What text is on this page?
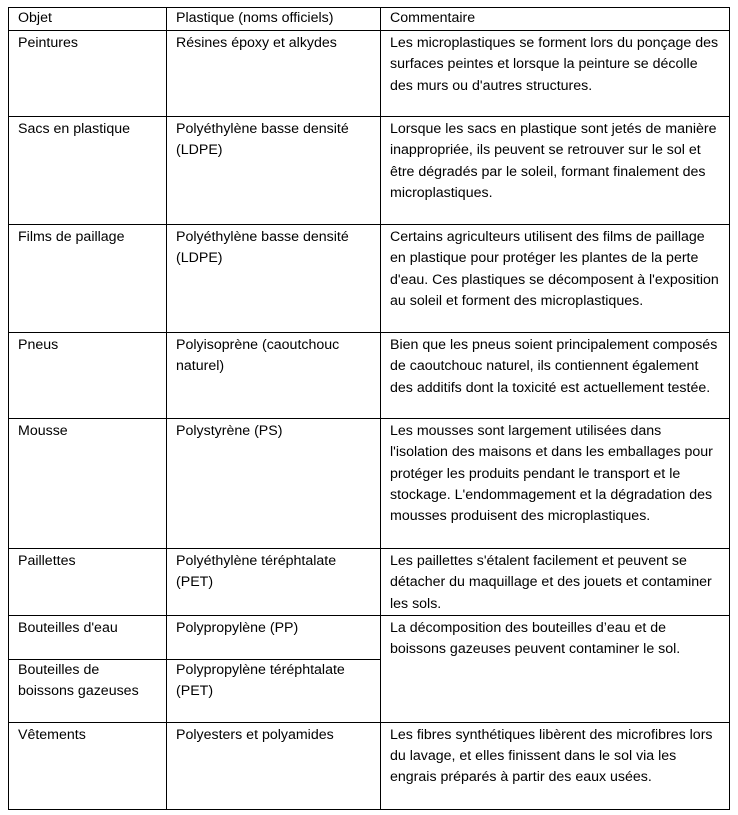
Objet	Plastique (noms officiels)	Commentaire

Peintures	Résines époxy et alkydes	Les microplastiques se forment lors du ponçage des surfaces peintes et lorsque la peinture se décolle des murs ou d'autres structures.

Sacs en plastique	Polyéthylène basse densité (LDPE)	Lorsque les sacs en plastique sont jetés de manière inappropriée, ils peuvent se retrouver sur le sol et être dégradés par le soleil, formant finalement des microplastiques.

Films de paillage	Polyéthylène basse densité (LDPE)	Certains agriculteurs utilisent des films de paillage en plastique pour protéger les plantes de la perte d'eau. Ces plastiques se décomposent à l'exposition au soleil et forment des microplastiques.

Pneus	Polyisoprène (caoutchouc naturel)	Bien que les pneus soient principalement composés de caoutchouc naturel, ils contiennent également des additifs dont la toxicité est actuellement testée.

Mousse	Polystyrène (PS)	Les mousses sont largement utilisées dans l'isolation des maisons et dans les emballages pour protéger les produits pendant le transport et le stockage. L'endommagement et la dégradation des mousses produisent des microplastiques.

Paillettes	Polyéthylène téréphtalate (PET)	Les paillettes s'étalent facilement et peuvent se détacher du maquillage et des jouets et contaminer les sols.

Bouteilles d'eau	Polypropylène (PP)	La décomposition des bouteilles d’eau et de boissons gazeuses peuvent contaminer le sol.

Bouteilles de boissons gazeuses	Polypropylène téréphtalate (PET)	

Vêtements	Polyesters et polyamides	Les fibres synthétiques libèrent des microfibres lors du lavage, et elles finissent dans le sol via les engrais préparés à partir des eaux usées.
